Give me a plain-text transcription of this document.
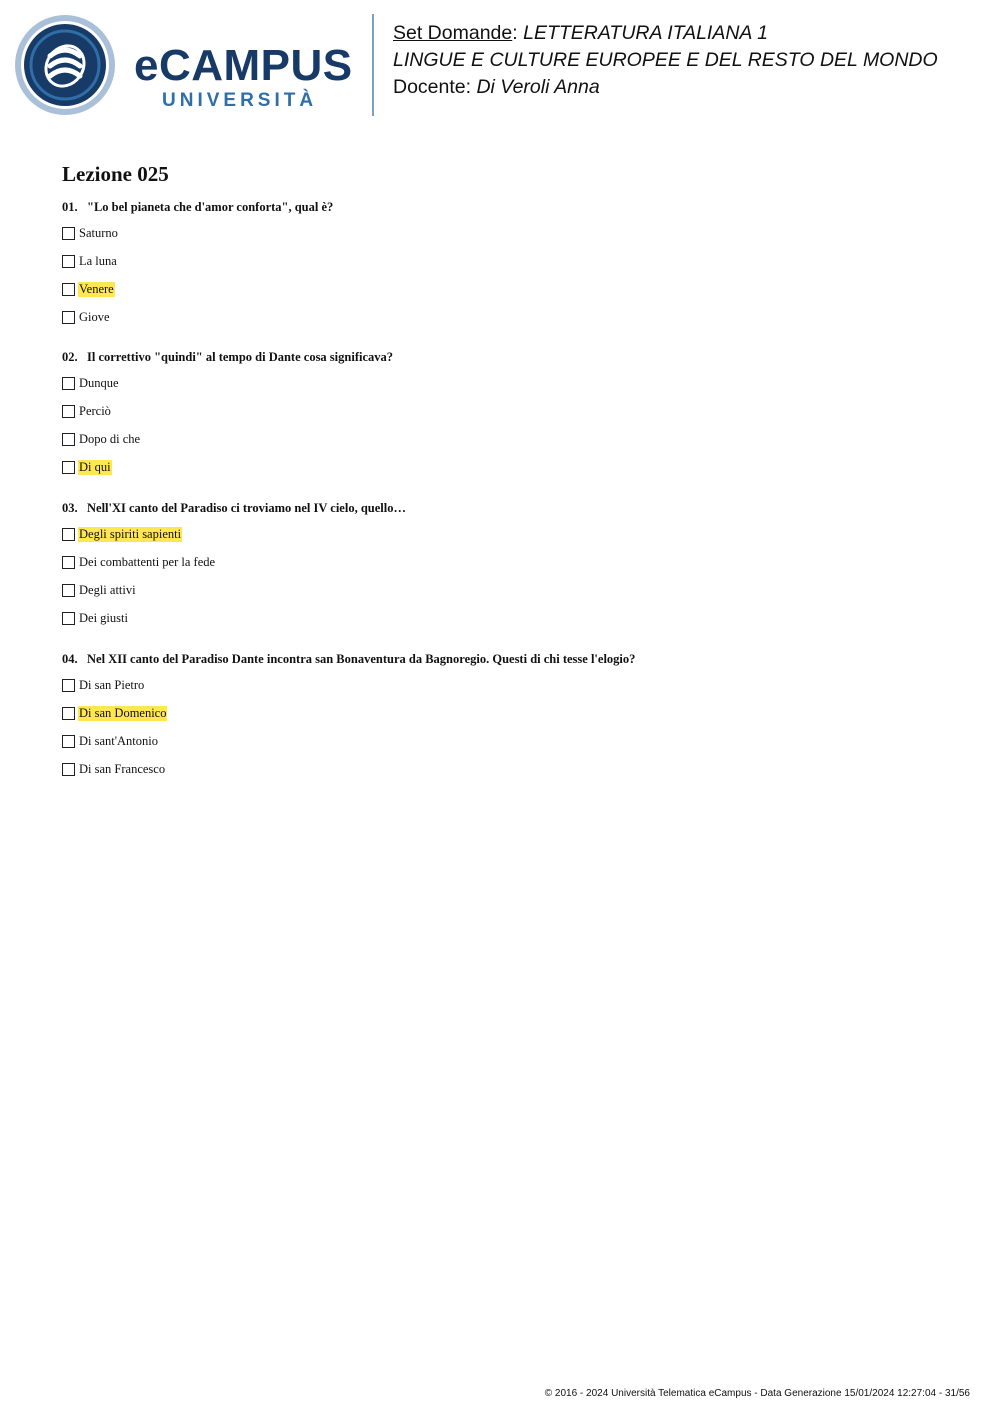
eCAMPUS
UNIVERSITÀ
Set Domande: LETTERATURA ITALIANA 1
LINGUE E CULTURE EUROPEE E DEL RESTO DEL MONDO
Docente: Di Veroli Anna
Lezione 025

01. "Lo bel pianeta che d'amor conforta", qual è?

Saturno
La luna
Venere
Giove

02. Il correttivo "quindi" al tempo di Dante cosa significava?

Dunque
Perciò
Dopo di che
Di qui

03. Nell'XI canto del Paradiso ci troviamo nel IV cielo, quello…

Degli spiriti sapienti
Dei combattenti per la fede
Degli attivi
Dei giusti

04. Nel XII canto del Paradiso Dante incontra san Bonaventura da Bagnoregio. Questi di chi tesse l'elogio?

Di san Pietro
Di san Domenico
Di sant'Antonio
Di san Francesco
© 2016 - 2024 Università Telematica eCampus - Data Generazione 15/01/2024 12:27:04 - 31/56
